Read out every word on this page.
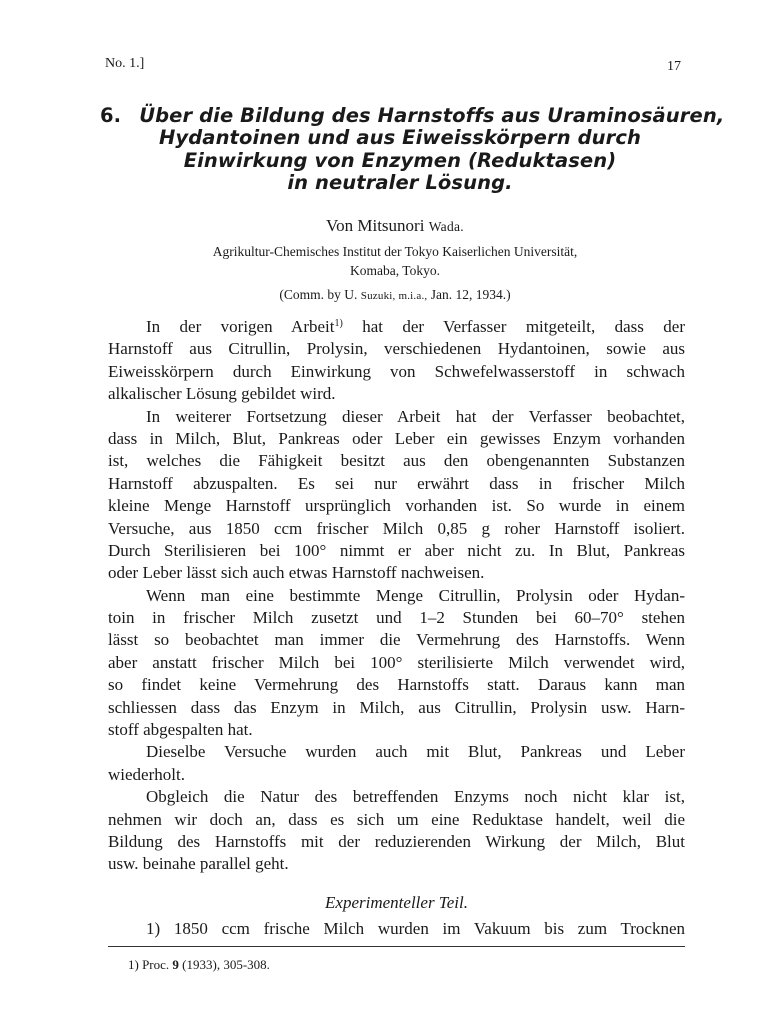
No. 1.]	17
6. Über die Bildung des Harnstoffs aus Uraminosäuren,
Hydantoinen und aus Eiweisskörpern durch
Einwirkung von Enzymen (Reduktasen)
in neutraler Lösung.
Von Mitsunori Wada.
Agrikultur-Chemisches Institut der Tokyo Kaiserlichen Universität,
Komaba, Tokyo.
(Comm. by U. Suzuki, m.i.a., Jan. 12, 1934.)
In der vorigen Arbeit$^{1)}$ hat der Verfasser mitgeteilt, dass der
Harnstoff aus Citrullin, Prolysin, verschiedenen Hydantoinen, sowie aus
Eiweisskörpern durch Einwirkung von Schwefelwasserstoff in schwach
alkalischer Lösung gebildet wird.
In weiterer Fortsetzung dieser Arbeit hat der Verfasser beobachtet,
dass in Milch, Blut, Pankreas oder Leber ein gewisses Enzym vorhanden
ist, welches die Fähigkeit besitzt aus den obengenannten Substanzen
Harnstoff abzuspalten. Es sei nur erwährt dass in frischer Milch
kleine Menge Harnstoff ursprünglich vorhanden ist. So wurde in einem
Versuche, aus 1850 ccm frischer Milch 0,85 g roher Harnstoff isoliert.
Durch Sterilisieren bei 100° nimmt er aber nicht zu. In Blut, Pankreas
oder Leber lässt sich auch etwas Harnstoff nachweisen.
Wenn man eine bestimmte Menge Citrullin, Prolysin oder Hydan-
toin in frischer Milch zusetzt und 1–2 Stunden bei 60–70° stehen
lässt so beobachtet man immer die Vermehrung des Harnstoffs. Wenn
aber anstatt frischer Milch bei 100° sterilisierte Milch verwendet wird,
so findet keine Vermehrung des Harnstoffs statt. Daraus kann man
schliessen dass das Enzym in Milch, aus Citrullin, Prolysin usw. Harn-
stoff abgespalten hat.
Dieselbe Versuche wurden auch mit Blut, Pankreas und Leber
wiederholt.
Obgleich die Natur des betreffenden Enzyms noch nicht klar ist,
nehmen wir doch an, dass es sich um eine Reduktase handelt, weil die
Bildung des Harnstoffs mit der reduzierenden Wirkung der Milch, Blut
usw. beinahe parallel geht.
Experimenteller Teil.
1) 1850 ccm frische Milch wurden im Vakuum bis zum Trocknen
1) Proc. 9 (1933), 305-308.
